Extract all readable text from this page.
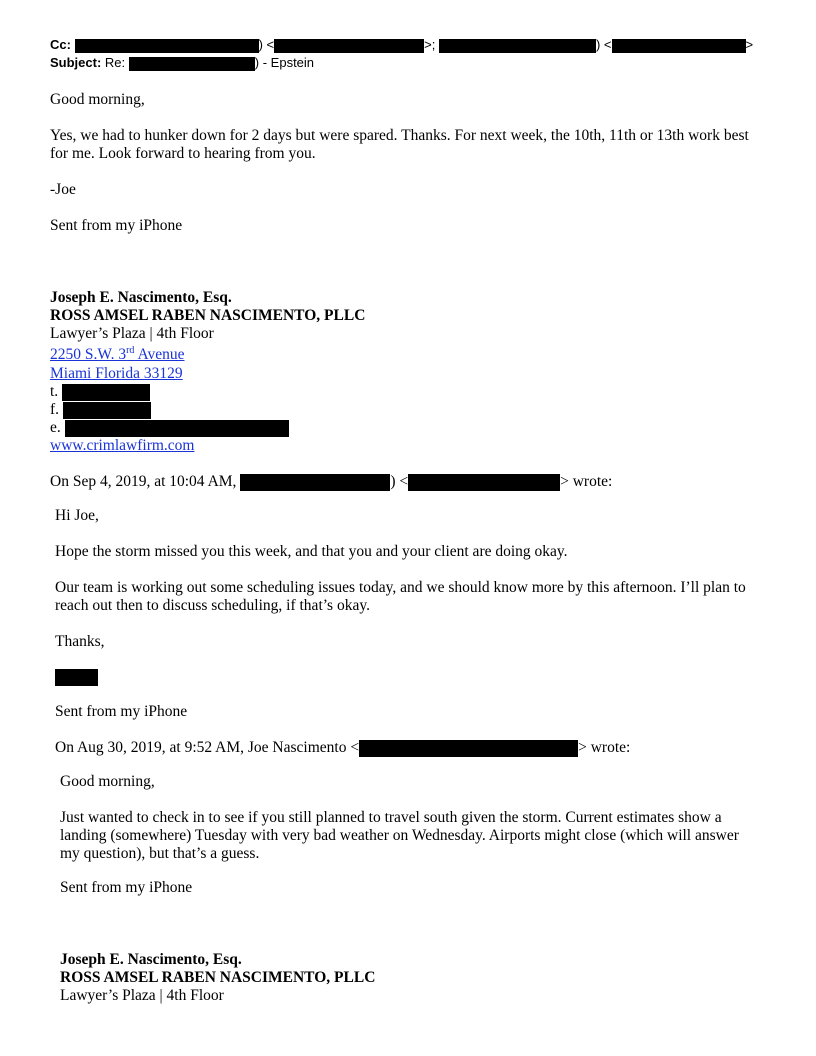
Cc:	) <	>;	) <	>
Subject: Re:	) - Epstein
Good morning,

Yes, we had to hunker down for 2 days but were spared. Thanks. For next week, the 10th, 11th or 13th work best for me. Look forward to hearing from you.

-Joe
Sent from my iPhone
Joseph E. Nascimento, Esq.
ROSS AMSEL RABEN NASCIMENTO, PLLC
Lawyer’s Plaza | 4th Floor
2250 S.W. 3rd Avenue
Miami Florida 33129
t.
f.
e.
www.crimlawfirm.com
On Sep 4, 2019, at 10:04 AM,	) <	> wrote:
Hi Joe,
Hope the storm missed you this week, and that you and your client are doing okay.

Our team is working out some scheduling issues today, and we should know more by this afternoon. I’ll plan to reach out then to discuss scheduling, if that’s okay.

Thanks,
Sent from my iPhone
On Aug 30, 2019, at 9:52 AM, Joe Nascimento <	> wrote:
Good morning,

Just wanted to check in to see if you still planned to travel south given the storm. Current estimates show a landing (somewhere) Tuesday with very bad weather on Wednesday. Airports might close (which will answer my question), but that’s a guess.

Sent from my iPhone
Joseph E. Nascimento, Esq.
ROSS AMSEL RABEN NASCIMENTO, PLLC
Lawyer’s Plaza | 4th Floor
